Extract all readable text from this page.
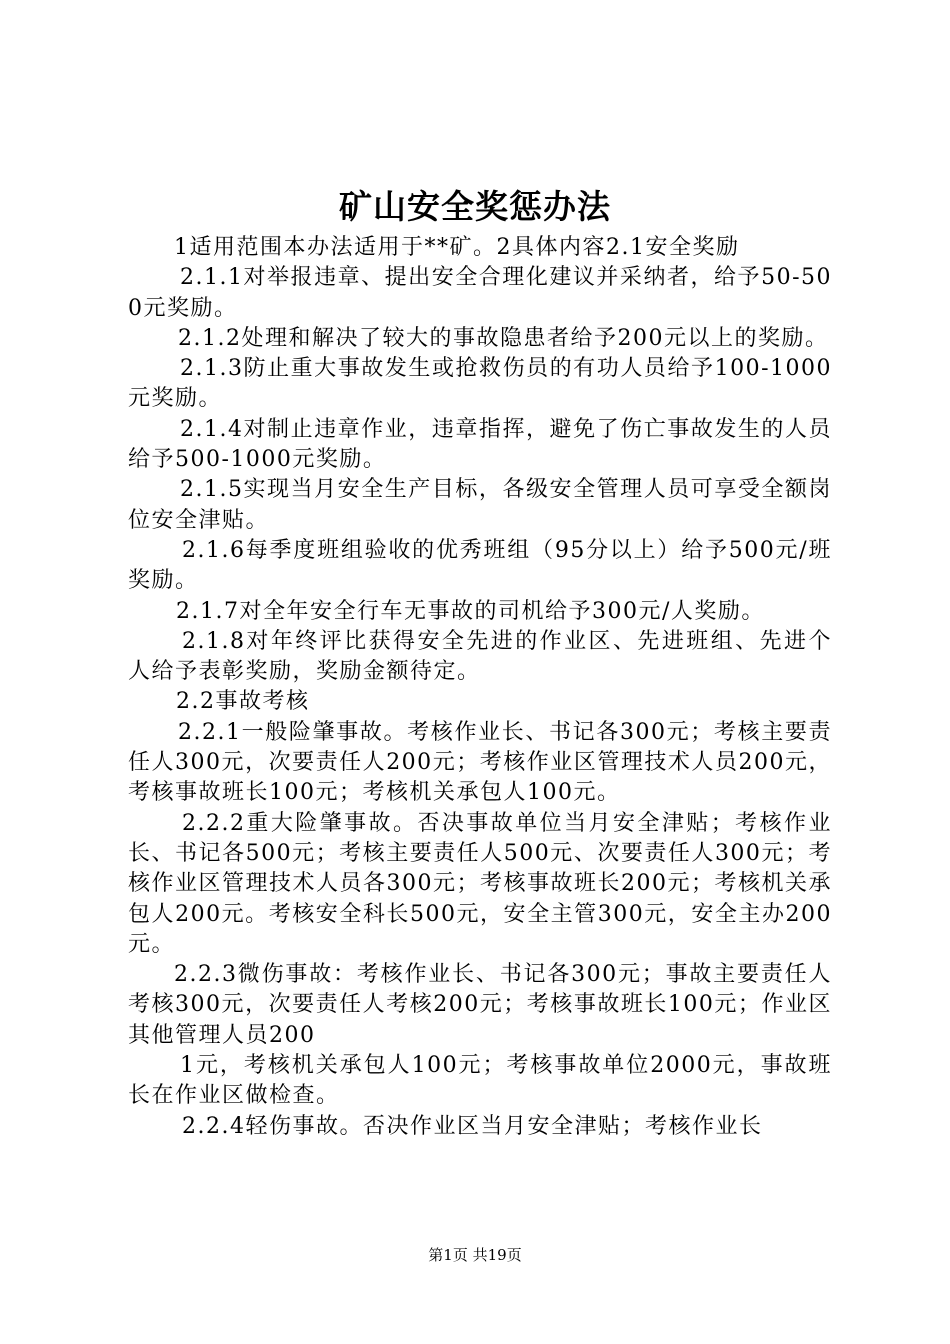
矿山安全奖惩办法

1适用范围本办法适用于**矿。2具体内容2.1安全奖励

2.1.1对举报违章、提出安全合理化建议并采纳者，给予50-500元奖励。

2.1.2处理和解决了较大的事故隐患者给予200元以上的奖励。

2.1.3防止重大事故发生或抢救伤员的有功人员给予100-1000元奖励。

2.1.4对制止违章作业，违章指挥，避免了伤亡事故发生的人员给予500-1000元奖励。

2.1.5实现当月安全生产目标，各级安全管理人员可享受全额岗位安全津贴。

2.1.6每季度班组验收的优秀班组（95分以上）给予500元/班奖励。

2.1.7对全年安全行车无事故的司机给予300元/人奖励。

2.1.8对年终评比获得安全先进的作业区、先进班组、先进个人给予表彰奖励，奖励金额待定。

2.2事故考核

2.2.1一般险肇事故。考核作业长、书记各300元；考核主要责任人300元，次要责任人200元；考核作业区管理技术人员200元，考核事故班长100元；考核机关承包人100元。

2.2.2重大险肇事故。否决事故单位当月安全津贴；考核作业长、书记各500元；考核主要责任人500元、次要责任人300元；考核作业区管理技术人员各300元；考核事故班长200元；考核机关承包人200元。考核安全科长500元，安全主管300元，安全主办200元。

2.2.3微伤事故：考核作业长、书记各300元；事故主要责任人考核300元，次要责任人考核200元；考核事故班长100元；作业区其他管理人员200

1元，考核机关承包人100元；考核事故单位2000元，事故班长在作业区做检查。

2.2.4轻伤事故。否决作业区当月安全津贴；考核作业长

第1页 共19页
